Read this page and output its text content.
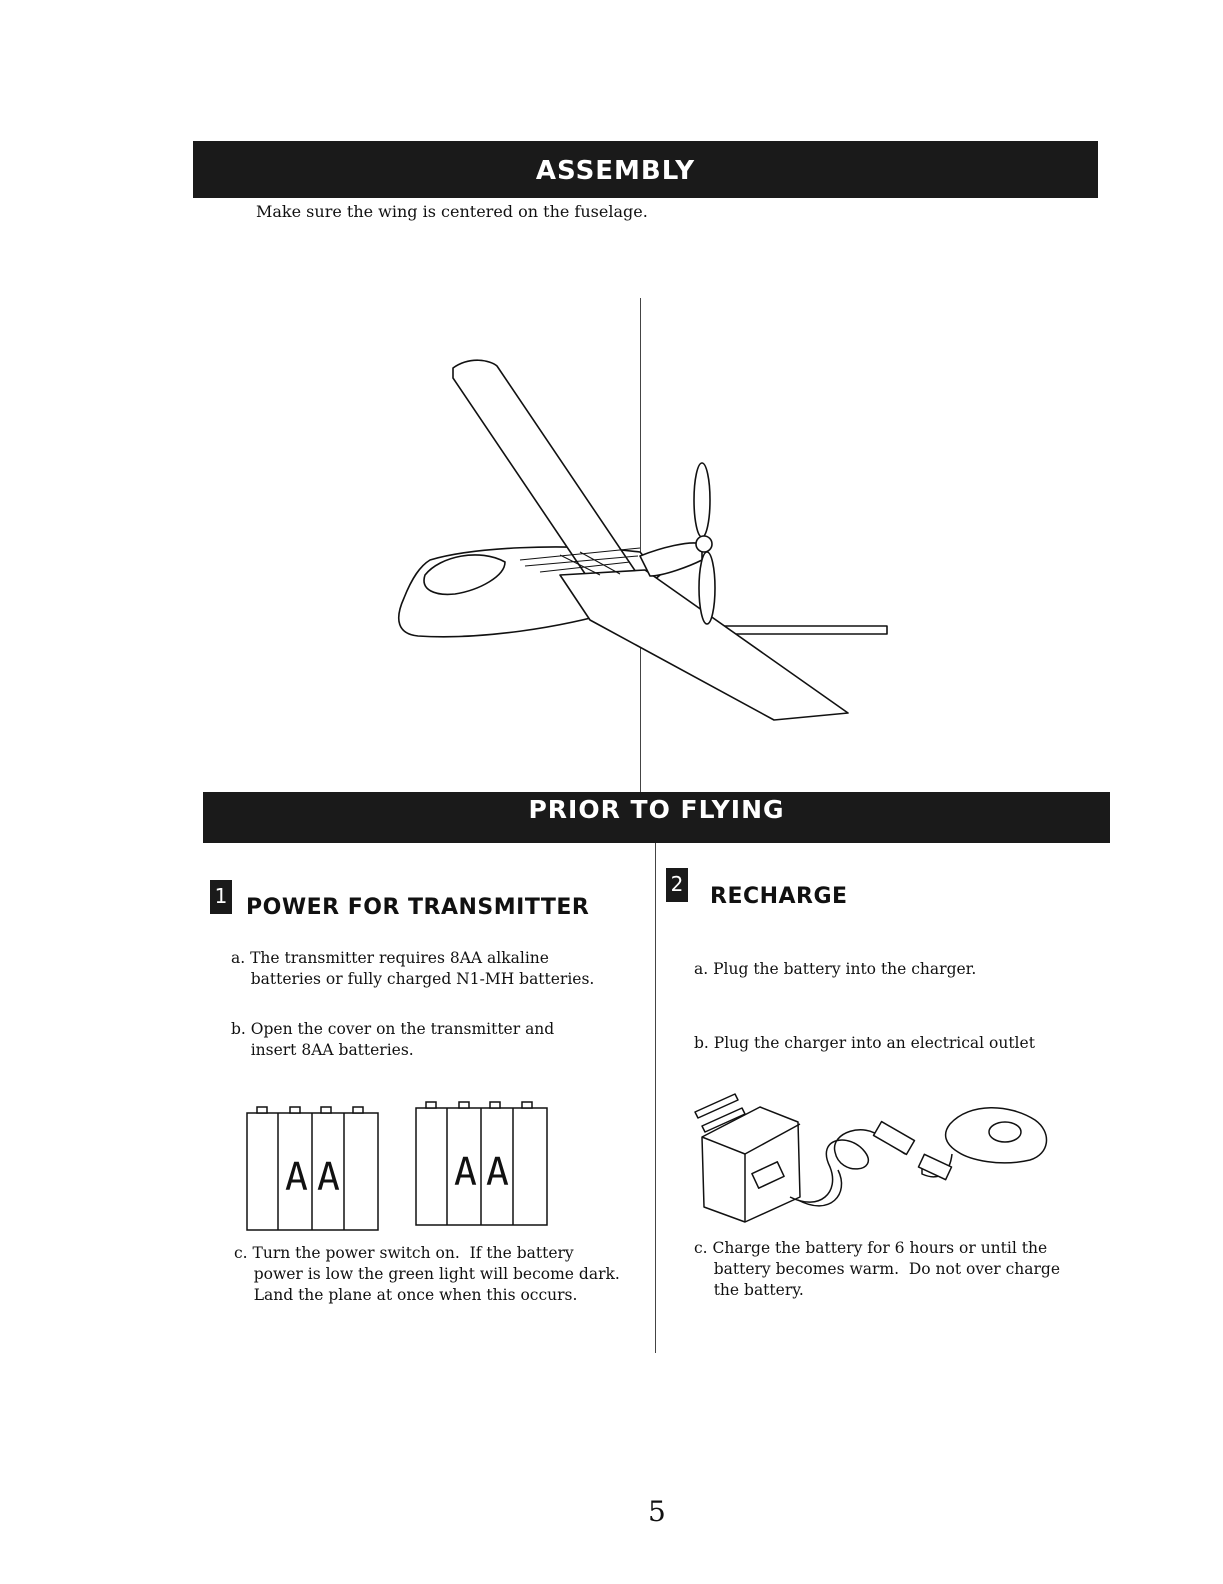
ASSEMBLY
Make sure the wing is centered on the fuselage.
PRIOR TO FLYING
1 POWER FOR TRANSMITTER
a. The transmitter requires 8AA alkaline
batteries or fully charged N1-MH batteries.
b. Open the cover on the transmitter and
insert 8AA batteries.
c. Turn the power switch on.  If the battery
power is low the green light will become dark.
Land the plane at once when this occurs.
A A	A A
2 RECHARGE
a. Plug the battery into the charger.
b. Plug the charger into an electrical outlet
c. Charge the battery for 6 hours or until the
battery becomes warm.  Do not over charge
the battery.
5
